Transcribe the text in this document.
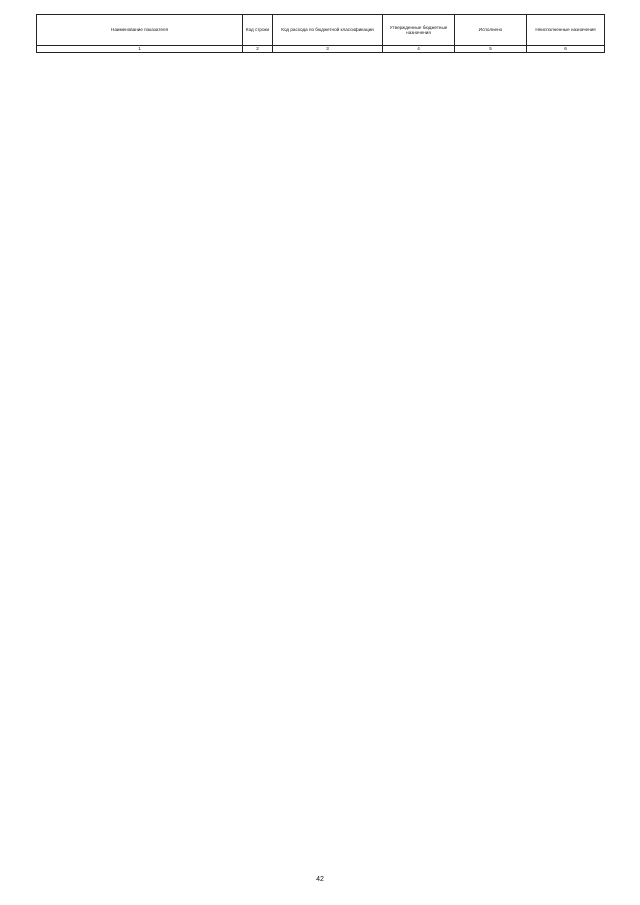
Наименование показателя	Код строки	Код расхода по бюджетной классификации	Утвержденные бюджетные назначения	Исполнено	Неисполненные назначения
1	2	3	4	5	6
42
